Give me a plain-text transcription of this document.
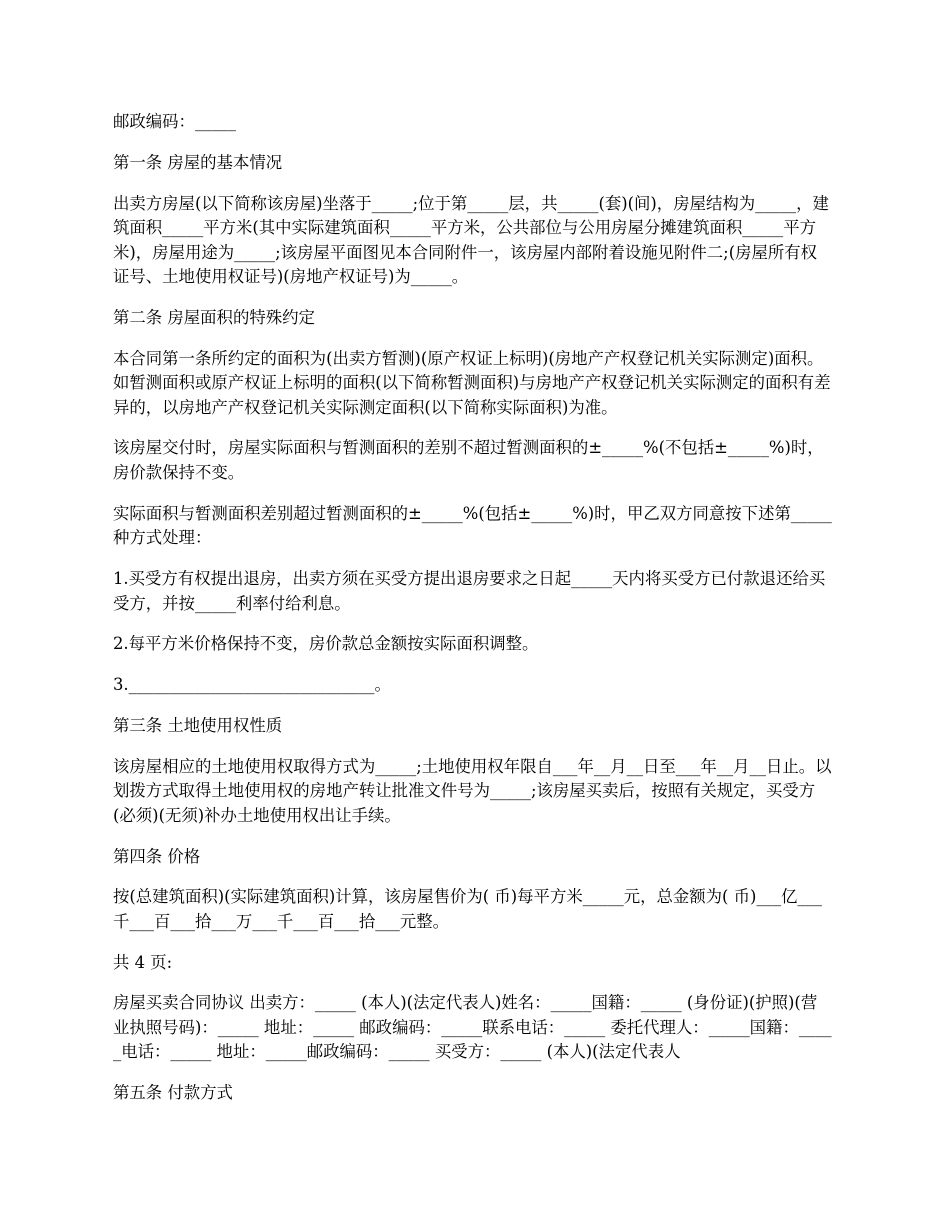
邮政编码：_____

第一条 房屋的基本情况

出卖方房屋(以下简称该房屋)坐落于_____;位于第_____层，共_____(套)(间)，房屋结构为_____，建筑面积_____平方米(其中实际建筑面积_____平方米，公共部位与公用房屋分摊建筑面积_____平方米)，房屋用途为_____;该房屋平面图见本合同附件一，该房屋内部附着设施见附件二;(房屋所有权证号、土地使用权证号)(房地产权证号)为_____。

第二条 房屋面积的特殊约定

本合同第一条所约定的面积为(出卖方暂测)(原产权证上标明)(房地产产权登记机关实际测定)面积。如暂测面积或原产权证上标明的面积(以下简称暂测面积)与房地产产权登记机关实际测定的面积有差异的，以房地产产权登记机关实际测定面积(以下简称实际面积)为准。

该房屋交付时，房屋实际面积与暂测面积的差别不超过暂测面积的±_____%(不包括±_____%)时，房价款保持不变。

实际面积与暂测面积差别超过暂测面积的±_____%(包括±_____%)时，甲乙双方同意按下述第_____种方式处理：

1.买受方有权提出退房，出卖方须在买受方提出退房要求之日起_____天内将买受方已付款退还给买受方，并按_____利率付给利息。

2.每平方米价格保持不变，房价款总金额按实际面积调整。

3.______________________________。

第三条 土地使用权性质

该房屋相应的土地使用权取得方式为_____;土地使用权年限自___年__月__日至___年__月__日止。以划拨方式取得土地使用权的房地产转让批准文件号为_____;该房屋买卖后，按照有关规定，买受方(必须)(无须)补办土地使用权出让手续。

第四条 价格

按(总建筑面积)(实际建筑面积)计算，该房屋售价为( 币)每平方米_____元，总金额为( 币)___亿___千___百___拾___万___千___百___拾___元整。

共 4 页:

房屋买卖合同协议 出卖方：_____ (本人)(法定代表人)姓名：_____国籍：_____ (身份证)(护照)(营业执照号码)：_____ 地址：_____ 邮政编码：_____联系电话：_____ 委托代理人：_____国籍：_____电话：_____ 地址：_____邮政编码：_____ 买受方：_____ (本人)(法定代表人

第五条 付款方式
